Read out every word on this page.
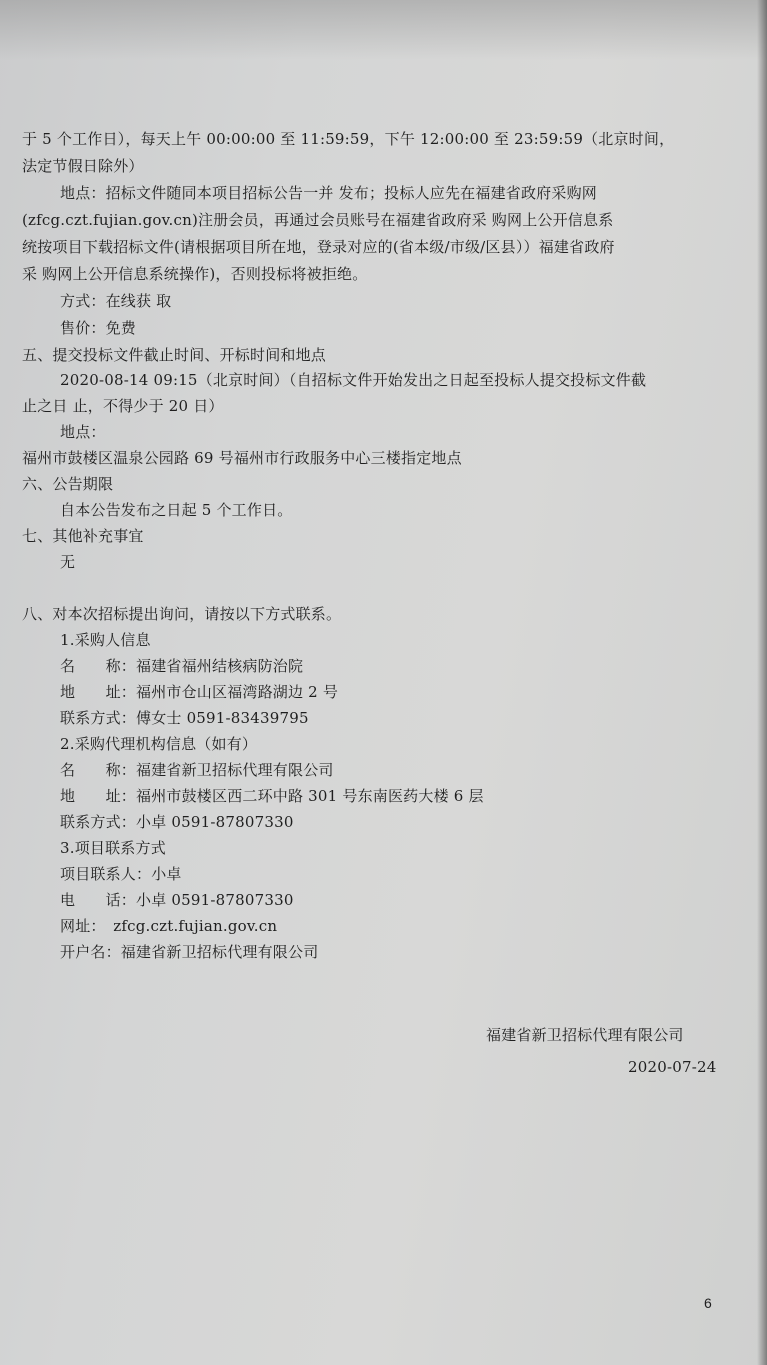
于 5 个工作日），每天上午 00:00:00 至 11:59:59，下午 12:00:00 至 23:59:59（北京时间，
法定节假日除外）
地点：招标文件随同本项目招标公告一并 发布；投标人应先在福建省政府采购网
(zfcg.czt.fujian.gov.cn)注册会员，再通过会员账号在福建省政府采 购网上公开信息系
统按项目下载招标文件(请根据项目所在地，登录对应的(省本级/市级/区县））福建省政府
采 购网上公开信息系统操作)，否则投标将被拒绝。
方式：在线获 取
售价：免费
五、提交投标文件截止时间、开标时间和地点
2020-08-14 09:15（北京时间）（自招标文件开始发出之日起至投标人提交投标文件截
止之日 止，不得少于 20 日）
地点：
福州市鼓楼区温泉公园路 69 号福州市行政服务中心三楼指定地点
六、公告期限
自本公告发布之日起 5 个工作日。
七、其他补充事宜
无
八、对本次招标提出询问，请按以下方式联系。
1.采购人信息
名　　称：福建省福州结核病防治院
地　　址：福州市仓山区福湾路湖边 2 号
联系方式：傅女士 0591-83439795
2.采购代理机构信息（如有）
名　　称：福建省新卫招标代理有限公司
地　　址：福州市鼓楼区西二环中路 301 号东南医药大楼 6 层
联系方式：小卓 0591-87807330
3.项目联系方式
项目联系人：小卓
电　　话：小卓 0591-87807330
网址：　zfcg.czt.fujian.gov.cn
开户名：福建省新卫招标代理有限公司
福建省新卫招标代理有限公司
2020-07-24
6
